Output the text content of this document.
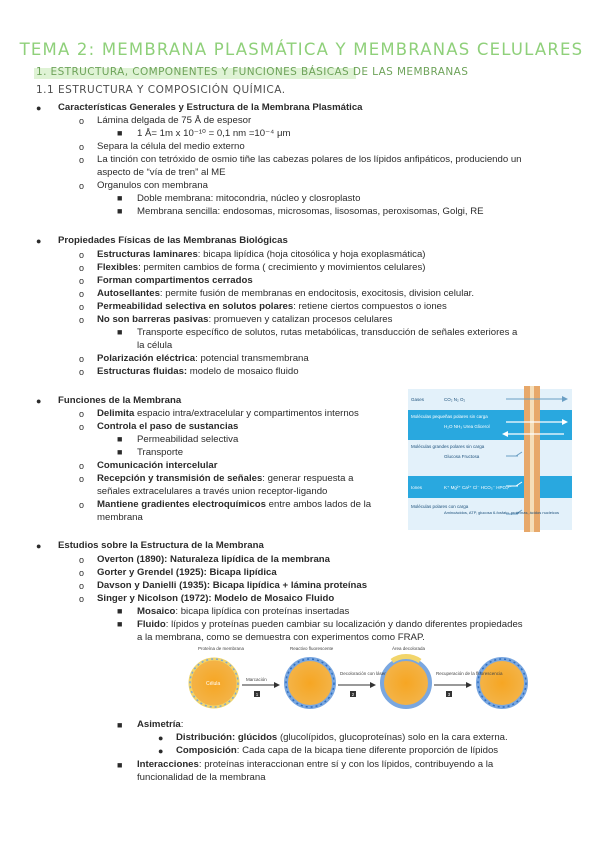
TEMA 2: MEMBRANA PLASMÁTICA Y MEMBRANAS CELULARES
1. ESTRUCTURA, COMPONENTES Y FUNCIONES BÁSICAS DE LAS MEMBRANAS
1.1 ESTRUCTURA Y COMPOSICIÓN QUÍMICA.
● Características Generales y Estructura de la Membrana Plasmática
o Lámina delgada de 75 Å de espesor
■ 1 Å= 1m x 10⁻¹⁰ = 0,1 nm =10⁻⁴ μm
o Separa la célula del medio externo
o La tinción con tetróxido de osmio tiñe las cabezas polares de los lípidos anfipáticos, produciendo un
aspecto de “vía de tren” al ME
o Organulos con membrana
■ Doble membrana: mitocondria, núcleo y closroplasto
■ Membrana sencilla: endosomas, microsomas, lisosomas, peroxisomas, Golgi, RE
● Propiedades Físicas de las Membranas Biológicas
o Estructuras laminares: bicapa lipídica (hoja citosólica y hoja exoplasmática)
o Flexibles: permiten cambios de forma ( crecimiento y movimientos celulares)
o Forman compartimentos cerrados
o Autosellantes: permite fusión de membranas en endocitosis, exocitosis, division celular.
o Permeabilidad selectiva en solutos polares: retiene ciertos compuestos o iones
o No son barreras pasivas: promueven y catalizan procesos celulares
■ Transporte específico de solutos, rutas metabólicas, transducción de señales exteriores a
la célula
o Polarización eléctrica: potencial transmembrana
o Estructuras fluidas: modelo de mosaico fluido
● Funciones de la Membrana
o Delimita espacio intra/extracelular y compartimentos internos
o Controla el paso de sustancias
■ Permeabilidad selectiva
■ Transporte
o Comunicación intercelular
o Recepción y transmisión de señales: generar respuesta a
señales extracelulares a través union receptor-ligando
o Mantiene gradientes electroquímicos entre ambos lados de la
membrana
Gases
Moléculas pequeñas polares sin carga
Moléculas grandes polares sin carga
Iones
Moléculas polares con carga
CO₂ N₂ O₂
H₂O NH₃ Urea Glicerol
Glucosa Fructosa
K⁺ Mg²⁺ Ca²⁺ Cl⁻ HCO₃⁻ HPO₄²⁻
Aminoácidos, ATP, glucosa 6-fosfato, proteínas, ácidos nucleicos
● Estudios sobre la Estructura de la Membrana
o Overton (1890): Naturaleza lipídica de la membrana
o Gorter y Grendel (1925): Bicapa lipídica
o Davson y Danielli (1935): Bicapa lipídica + lámina proteínas
o Singer y Nicolson (1972): Modelo de Mosaico Fluido
■ Mosaico: bicapa lipídica con proteínas insertadas
■ Fluido: lípidos y proteínas pueden cambiar su localización y dando diferentes propiedades
a la membrana, como se demuestra con experimentos como FRAP.
1	2	3
Proteína de membrana	Reactivo fluorescente	Área decolorada
Célula
Marcación
Decoloración con láser	Recuperación de la fluorescencia
■ Asimetría:
● Distribución: glúcidos (glucolípidos, glucoproteínas) solo en la cara externa.
● Composición: Cada capa de la bicapa tiene diferente proporción de lípidos
■ Interacciones: proteínas interaccionan entre sí y con los lípidos, contribuyendo a la
funcionalidad de la membrana
